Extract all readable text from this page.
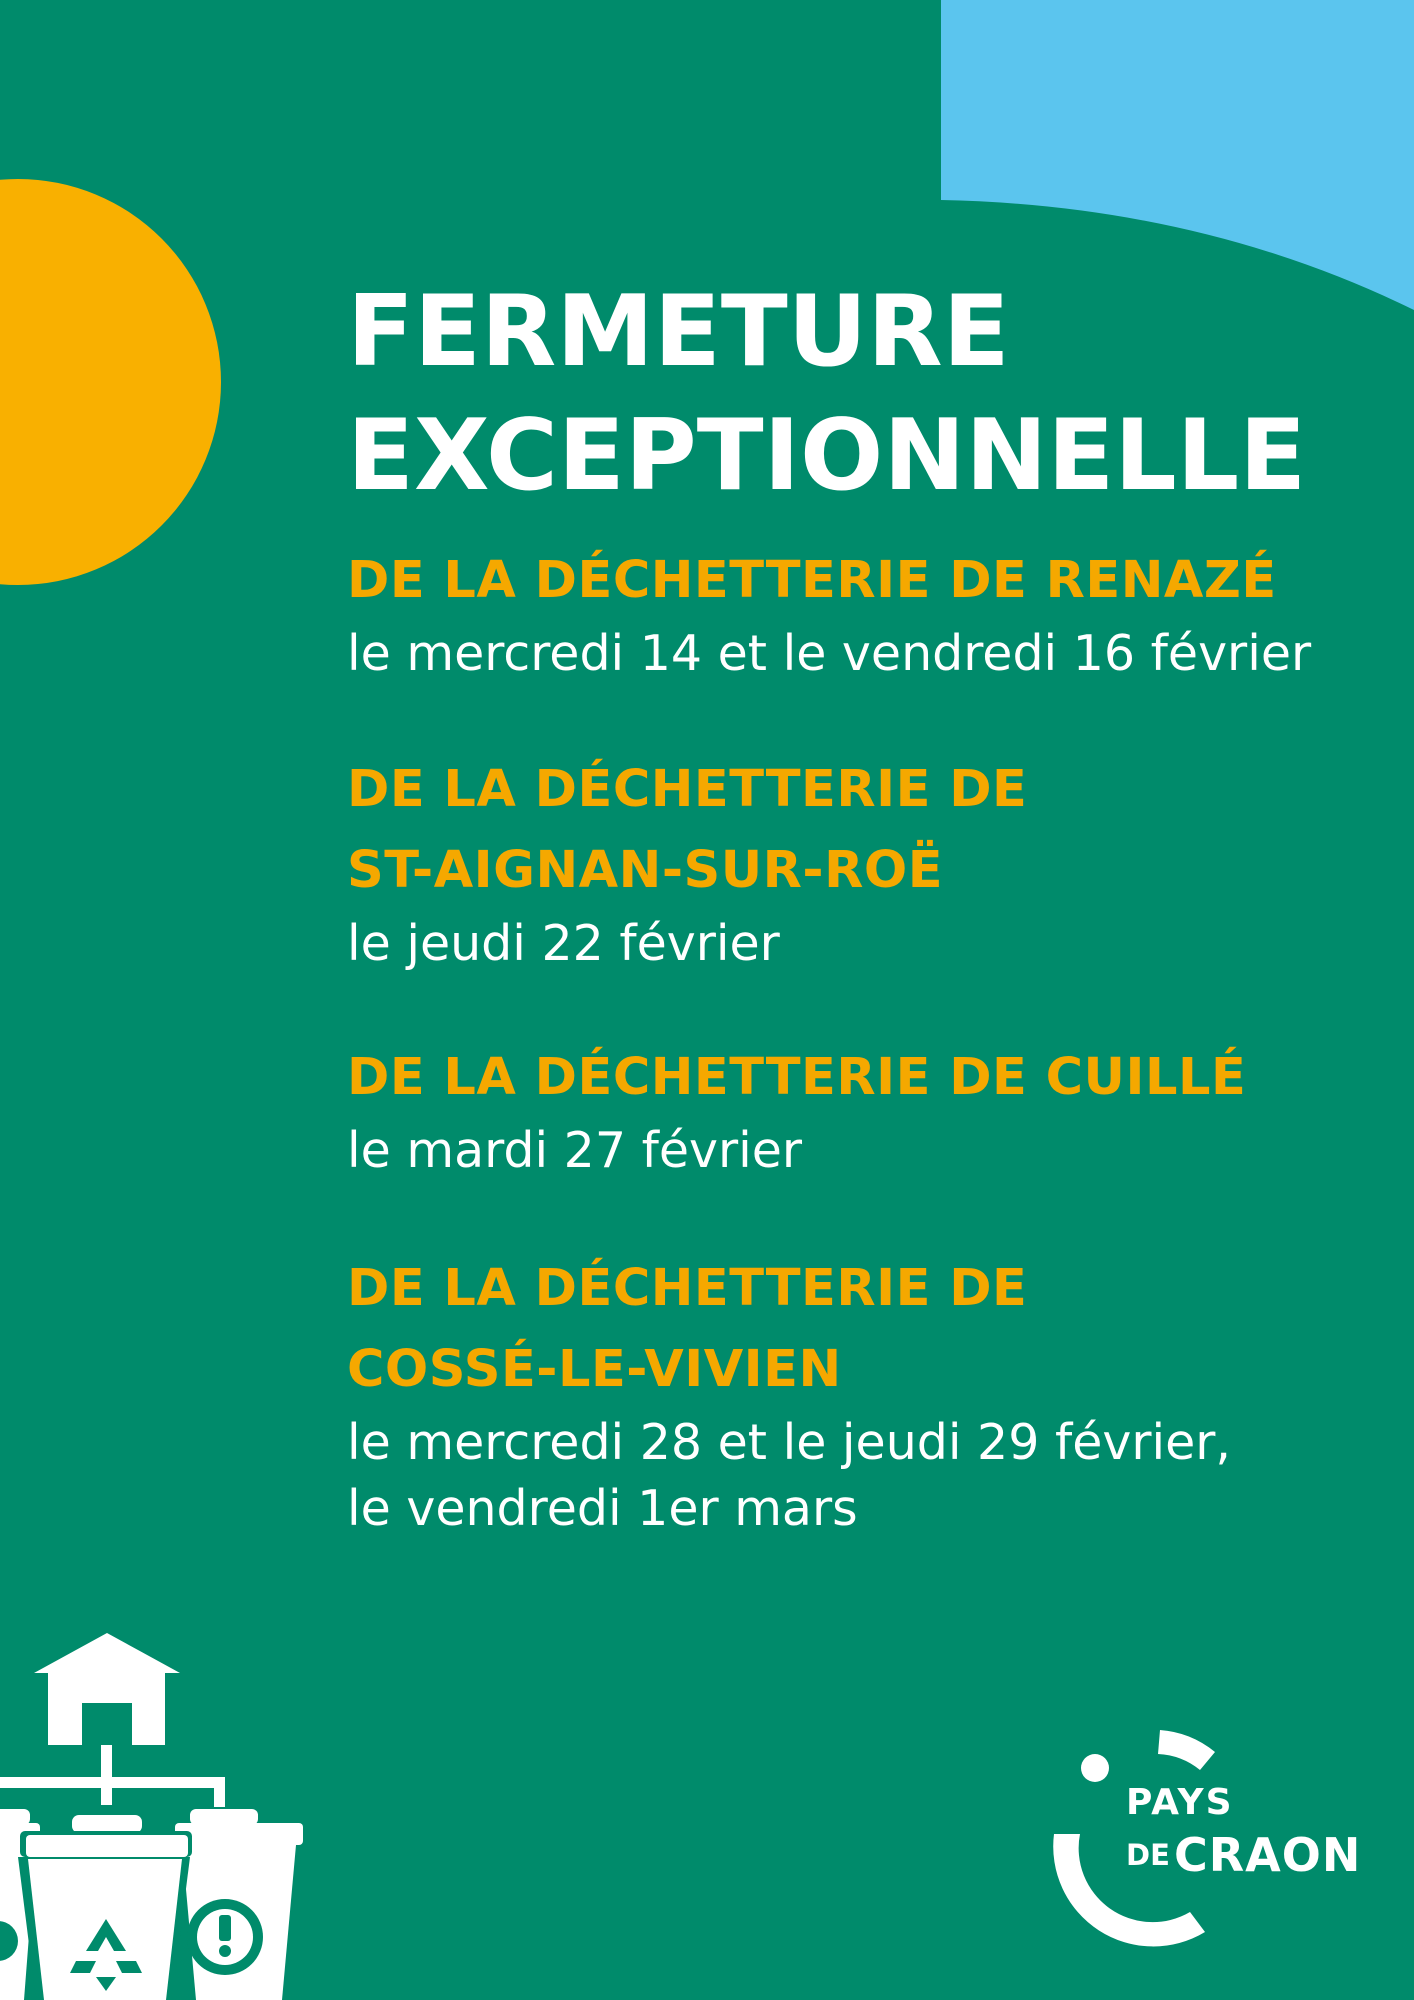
FERMETURE

EXCEPTIONNELLE

DE LA DÉCHETTERIE DE RENAZÉ

le mercredi 14 et le vendredi 16 février

DE LA DÉCHETTERIE DE

ST-AIGNAN-SUR-ROË

le jeudi 22 février

DE LA DÉCHETTERIE DE CUILLÉ

le mardi 27 février

DE LA DÉCHETTERIE DE

COSSÉ-LE-VIVIEN

le mercredi 28 et le jeudi 29 février,

le vendredi 1er mars

PAYS
DE CRAON
